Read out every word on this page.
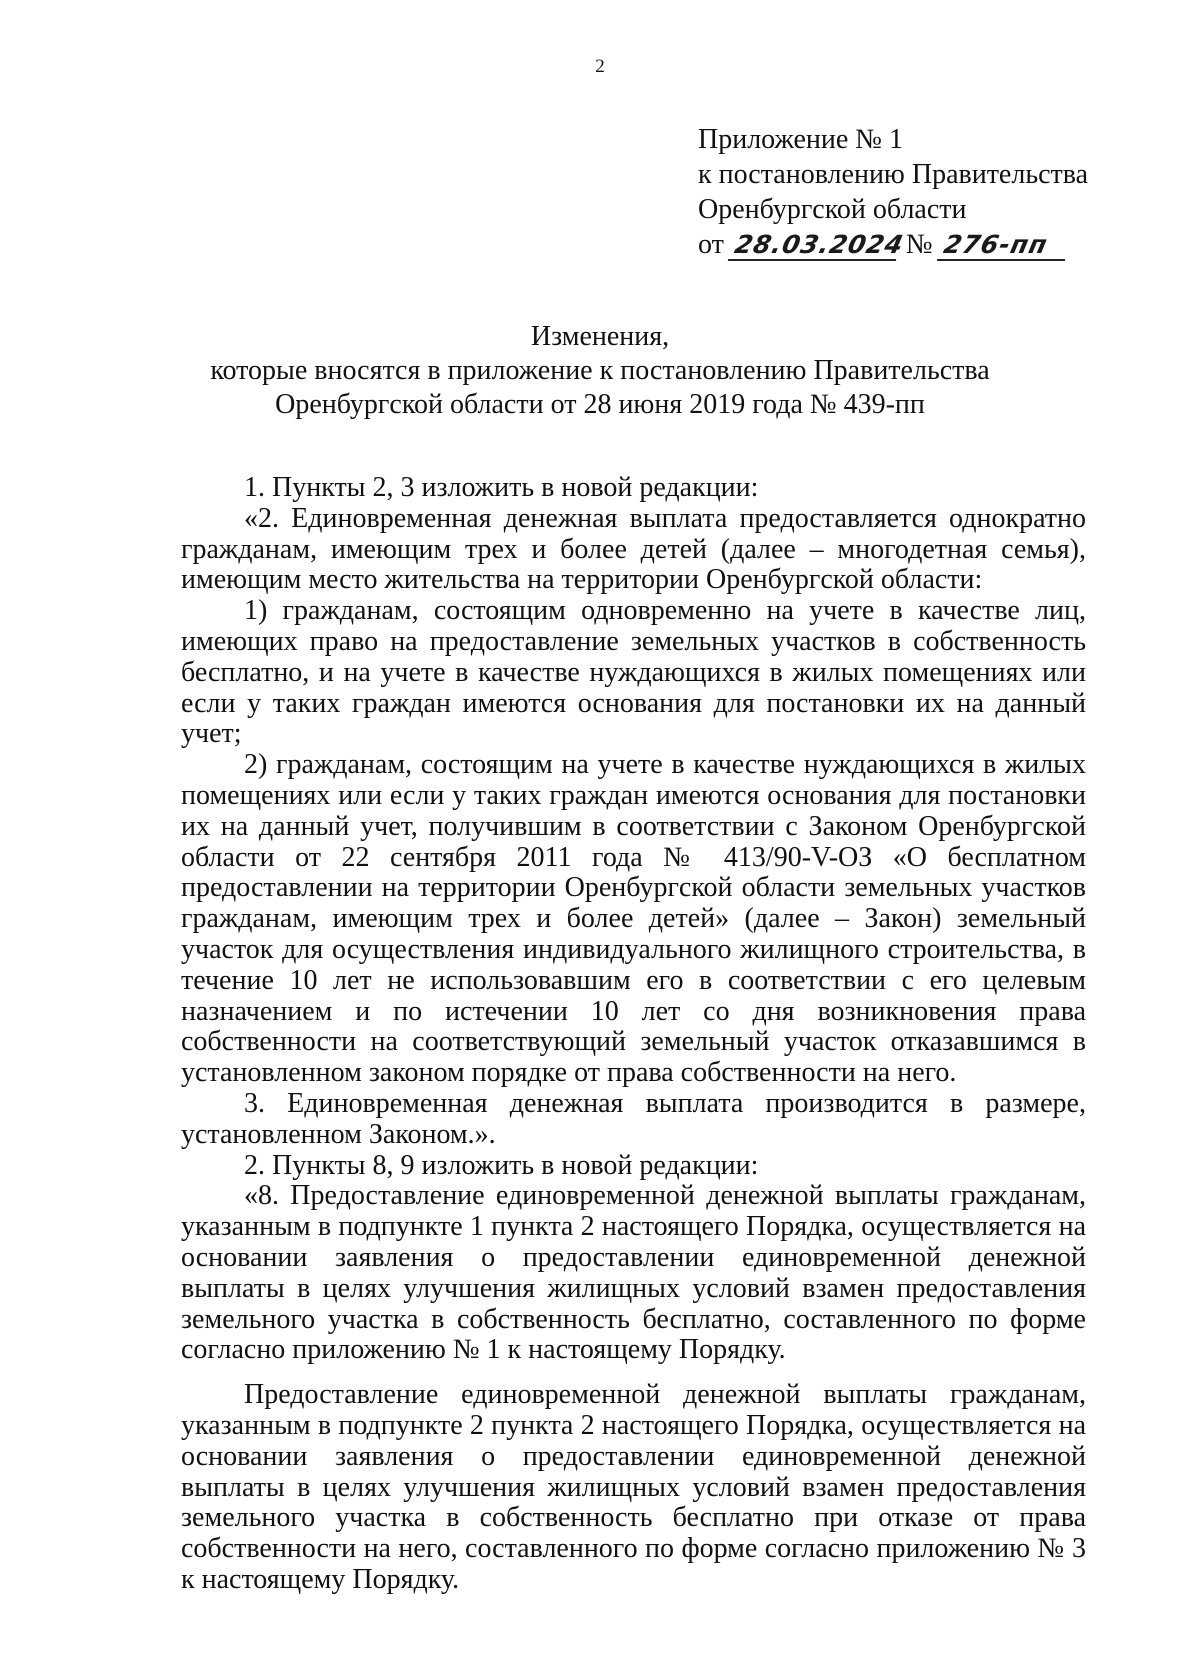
2
Приложение № 1
к постановлению Правительства
Оренбургской области
от 28.03.2024 № 276-пп
Изменения,
которые вносятся в приложение к постановлению Правительства
Оренбургской области от 28 июня 2019 года № 439-пп

1. Пункты 2, 3 изложить в новой редакции:

«2. Единовременная денежная выплата предоставляется однократно гражданам, имеющим трех и более детей (далее – многодетная семья), имеющим место жительства на территории Оренбургской области:

1) гражданам, состоящим одновременно на учете в качестве лиц, имеющих право на предоставление земельных участков в собственность бесплатно, и на учете в качестве нуждающихся в жилых помещениях или если у таких граждан имеются основания для постановки их на данный учет;

2) гражданам, состоящим на учете в качестве нуждающихся в жилых помещениях или если у таких граждан имеются основания для постановки их на данный учет, получившим в соответствии с Законом Оренбургской области от 22 сентября 2011 года № 413/90-V-ОЗ «О бесплатном предоставлении на территории Оренбургской области земельных участков гражданам, имеющим трех и более детей» (далее – Закон) земельный участок для осуществления индивидуального жилищного строительства, в течение 10 лет не использовавшим его в соответствии с его целевым назначением и по истечении 10 лет со дня возникновения права собственности на соответствующий земельный участок отказавшимся в установленном законом порядке от права собственности на него.

3. Единовременная денежная выплата производится в размере, установленном Законом.».

2. Пункты 8, 9 изложить в новой редакции:

«8. Предоставление единовременной денежной выплаты гражданам, указанным в подпункте 1 пункта 2 настоящего Порядка, осуществляется на основании заявления о предоставлении единовременной денежной выплаты в целях улучшения жилищных условий взамен предоставления земельного участка в собственность бесплатно, составленного по форме согласно приложению № 1 к настоящему Порядку.

Предоставление единовременной денежной выплаты гражданам, указанным в подпункте 2 пункта 2 настоящего Порядка, осуществляется на основании заявления о предоставлении единовременной денежной выплаты в целях улучшения жилищных условий взамен предоставления земельного участка в собственность бесплатно при отказе от права собственности на него, составленного по форме согласно приложению № 3 к настоящему Порядку.
